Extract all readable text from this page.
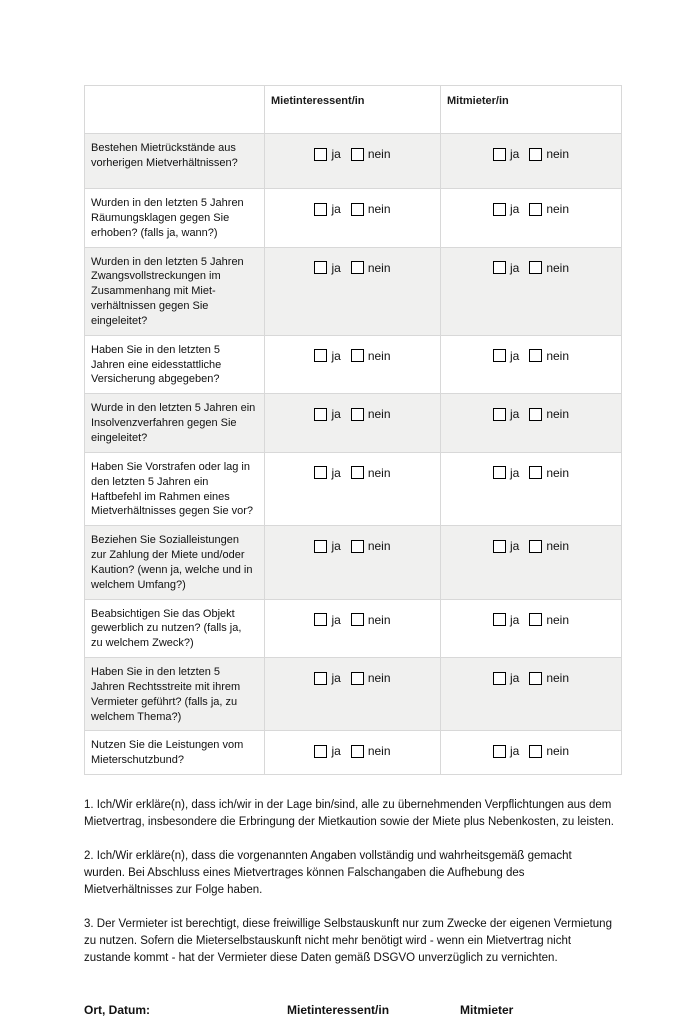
	Mietinteressent/in	Mitmieter/in
Bestehen Mietrückstände aus vorherigen Mietverhältnissen?	ja nein	ja nein
Wurden in den letzten 5 Jahren Räumungsklagen gegen Sie erhoben? (falls ja, wann?)	ja nein	ja nein
Wurden in den letzten 5 Jahren Zwangsvollstreckungen im Zusammenhang mit Miet-verhältnissen gegen Sie eingeleitet?	ja nein	ja nein
Haben Sie in den letzten 5 Jahren eine eidesstattliche Versicherung abgegeben?	ja nein	ja nein
Wurde in den letzten 5 Jahren ein Insolvenzverfahren gegen Sie eingeleitet?	ja nein	ja nein
Haben Sie Vorstrafen oder lag in den letzten 5 Jahren ein Haftbefehl im Rahmen eines Mietverhältnisses gegen Sie vor?	ja nein	ja nein
Beziehen Sie Sozialleistungen zur Zahlung der Miete und/oder Kaution? (wenn ja, welche und in welchem Umfang?)	ja nein	ja nein
Beabsichtigen Sie das Objekt gewerblich zu nutzen? (falls ja, zu welchem Zweck?)	ja nein	ja nein
Haben Sie in den letzten 5 Jahren Rechtsstreite mit ihrem Vermieter geführt? (falls ja, zu welchem Thema?)	ja nein	ja nein
Nutzen Sie die Leistungen vom Mieterschutzbund?	ja nein	ja nein

1. Ich/Wir erkläre(n), dass ich/wir in der Lage bin/sind, alle zu übernehmenden Verpflichtungen aus dem Mietvertrag, insbesondere die Erbringung der Mietkaution sowie der Miete plus Nebenkosten, zu leisten.

2. Ich/Wir erkläre(n), dass die vorgenannten Angaben vollständig und wahrheitsgemäß gemacht wurden. Bei Abschluss eines Mietvertrages können Falschangaben die Aufhebung des Mietverhältnisses zur Folge haben.

3. Der Vermieter ist berechtigt, diese freiwillige Selbstauskunft nur zum Zwecke der eigenen Vermietung zu nutzen. Sofern die Mieterselbstauskunft nicht mehr benötigt wird - wenn ein Mietvertrag nicht zustande kommt - hat der Vermieter diese Daten gemäß DSGVO unverzüglich zu vernichten.

Ort, Datum:	Mietinteressent/in	Mitmieter
